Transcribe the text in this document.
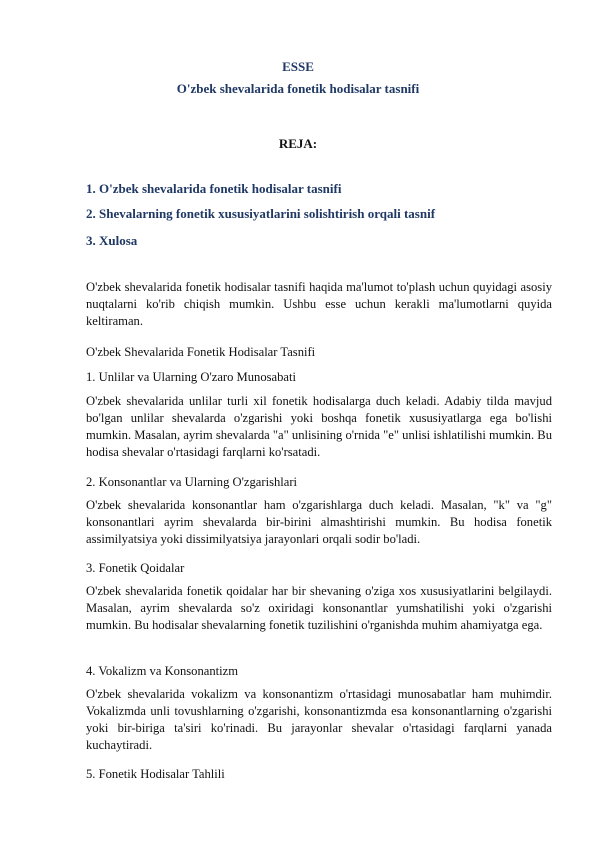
ESSE
O'zbek shevalarida fonetik hodisalar tasnifi
REJA:
1. O'zbek shevalarida fonetik hodisalar tasnifi
2. Shevalarning fonetik xususiyatlarini solishtirish orqali tasnif
3. Xulosa
O'zbek shevalarida fonetik hodisalar tasnifi haqida ma'lumot to'plash uchun quyidagi asosiy nuqtalarni ko'rib chiqish mumkin. Ushbu esse uchun kerakli ma'lumotlarni quyida keltiraman.
O'zbek Shevalarida Fonetik Hodisalar Tasnifi
1. Unlilar va Ularning O'zaro Munosabati
O'zbek shevalarida unlilar turli xil fonetik hodisalarga duch keladi. Adabiy tilda mavjud bo'lgan unlilar shevalarda o'zgarishi yoki boshqa fonetik xususiyatlarga ega bo'lishi mumkin. Masalan, ayrim shevalarda "a" unlisining o'rnida "e" unlisi ishlatilishi mumkin. Bu hodisa shevalar o'rtasidagi farqlarni ko'rsatadi.
2. Konsonantlar va Ularning O'zgarishlari
O'zbek shevalarida konsonantlar ham o'zgarishlarga duch keladi. Masalan, "k" va "g" konsonantlari ayrim shevalarda bir-birini almashtirishi mumkin. Bu hodisa fonetik assimilyatsiya yoki dissimilyatsiya jarayonlari orqali sodir bo'ladi.
3. Fonetik Qoidalar
O'zbek shevalarida fonetik qoidalar har bir shevaning o'ziga xos xususiyatlarini belgilaydi. Masalan, ayrim shevalarda so'z oxiridagi konsonantlar yumshatilishi yoki o'zgarishi mumkin. Bu hodisalar shevalarning fonetik tuzilishini o'rganishda muhim ahamiyatga ega.
4. Vokalizm va Konsonantizm
O'zbek shevalarida vokalizm va konsonantizm o'rtasidagi munosabatlar ham muhimdir. Vokalizmda unli tovushlarning o'zgarishi, konsonantizmda esa konsonantlarning o'zgarishi yoki bir-biriga ta'siri ko'rinadi. Bu jarayonlar shevalar o'rtasidagi farqlarni yanada kuchaytiradi.
5. Fonetik Hodisalar Tahlili
